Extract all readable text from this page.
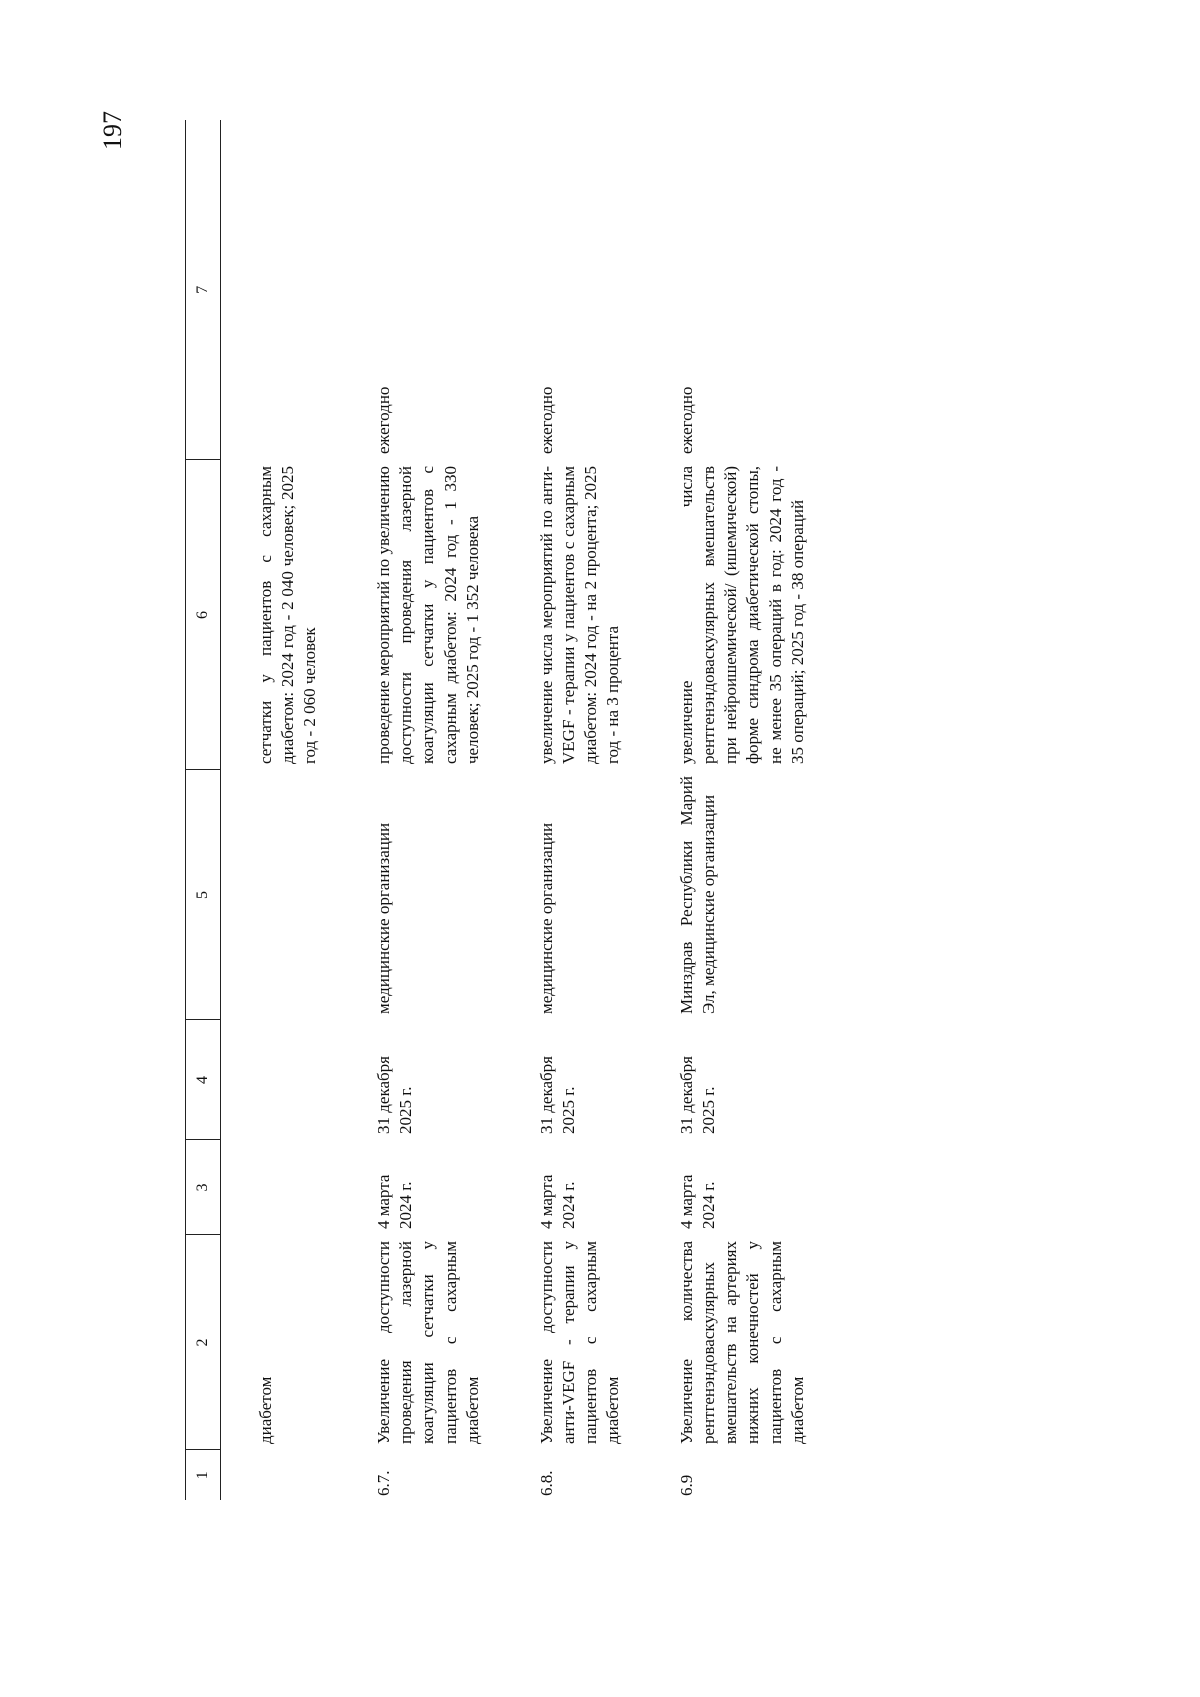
197
1	2	3	4	5	6	7
	диабетом				сетчатки у пациентов с сахарным диабетом: 2024 год - 2 040 человек; 2025 год - 2 060 человек	
6.7.	Увеличение доступности проведения лазерной коагуляции сетчатки у пациентов с сахарным диабетом	4 марта 2024 г.	31 декабря 2025 г.	медицинские организации	проведение мероприятий по увеличению доступности проведения лазерной коагуляции сетчатки у пациентов с сахарным диабетом: 2024 год - 1 330 человек; 2025 год - 1 352 человека	ежегодно
6.8.	Увеличение доступности анти-VEGF - терапии у пациентов с сахарным диабетом	4 марта 2024 г.	31 декабря 2025 г.	медицинские организации	увеличение числа мероприятий по анти-VEGF - терапии у пациентов с сахарным диабетом: 2024 год - на 2 процента; 2025 год - на 3 процента	ежегодно
6.9	Увеличение количества рентгенэндоваскулярных вмешательств на артериях нижних конечностей у пациентов с сахарным диабетом	4 марта 2024 г.	31 декабря 2025 г.	Минздрав Республики Марий Эл, медицинские организации	увеличение числа рентгенэндоваскулярных вмешательств при нейроишемической/ (ишемической) форме синдрома диабетической стопы, не менее 35 операций в год: 2024 год - 35 операций; 2025 год - 38 операций	ежегодно
